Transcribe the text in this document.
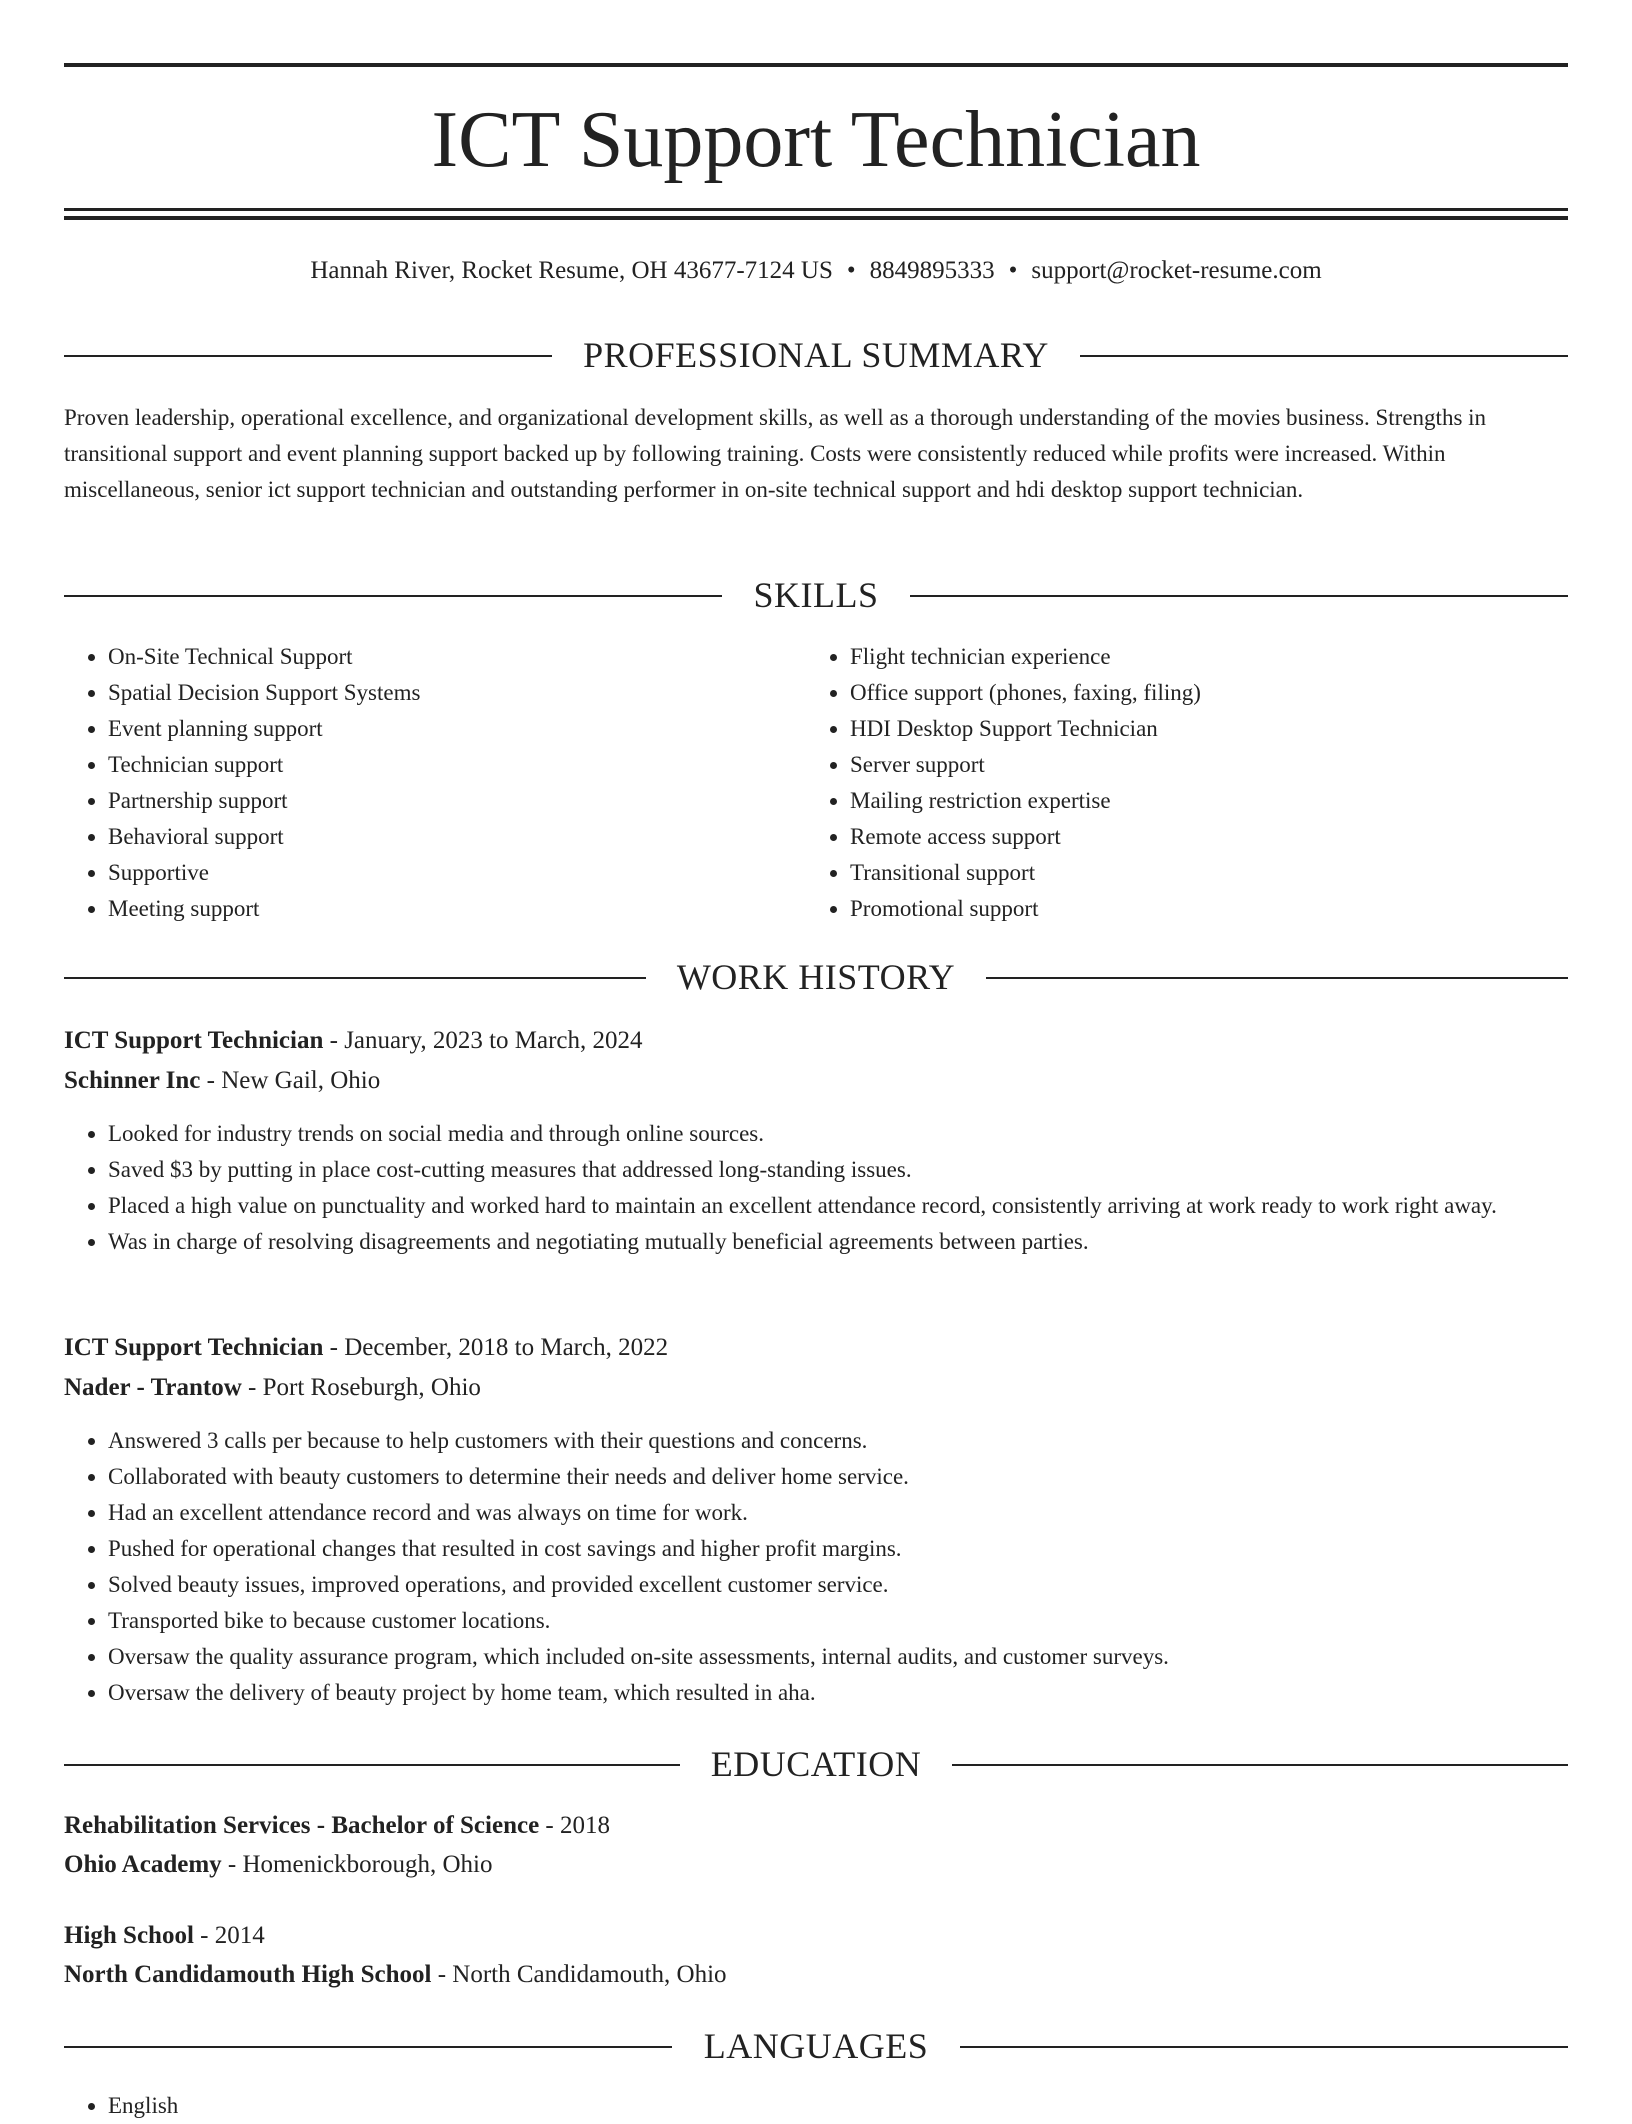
ICT Support Technician
Hannah River, Rocket Resume, OH 43677-7124 US • 8849895333 • support@rocket-resume.com
PROFESSIONAL SUMMARY

Proven leadership, operational excellence, and organizational development skills, as well as a thorough understanding of the movies business. Strengths in transitional support and event planning support backed up by following training. Costs were consistently reduced while profits were increased. Within miscellaneous, senior ict support technician and outstanding performer in on-site technical support and hdi desktop support technician.

SKILLS
• On-Site Technical Support
• Spatial Decision Support Systems
• Event planning support
• Technician support
• Partnership support
• Behavioral support
• Supportive
• Meeting support
• Flight technician experience
• Office support (phones, faxing, filing)
• HDI Desktop Support Technician
• Server support
• Mailing restriction expertise
• Remote access support
• Transitional support
• Promotional support
WORK HISTORY
ICT Support Technician - January, 2023 to March, 2024
Schinner Inc - New Gail, Ohio
• Looked for industry trends on social media and through online sources.
• Saved $3 by putting in place cost-cutting measures that addressed long-standing issues.
• Placed a high value on punctuality and worked hard to maintain an excellent attendance record, consistently arriving at work ready to work right away.
• Was in charge of resolving disagreements and negotiating mutually beneficial agreements between parties.
ICT Support Technician - December, 2018 to March, 2022
Nader - Trantow - Port Roseburgh, Ohio
• Answered 3 calls per because to help customers with their questions and concerns.
• Collaborated with beauty customers to determine their needs and deliver home service.
• Had an excellent attendance record and was always on time for work.
• Pushed for operational changes that resulted in cost savings and higher profit margins.
• Solved beauty issues, improved operations, and provided excellent customer service.
• Transported bike to because customer locations.
• Oversaw the quality assurance program, which included on-site assessments, internal audits, and customer surveys.
• Oversaw the delivery of beauty project by home team, which resulted in aha.
EDUCATION
Rehabilitation Services - Bachelor of Science - 2018
Ohio Academy - Homenickborough, Ohio
High School - 2014
North Candidamouth High School - North Candidamouth, Ohio
LANGUAGES
• English
